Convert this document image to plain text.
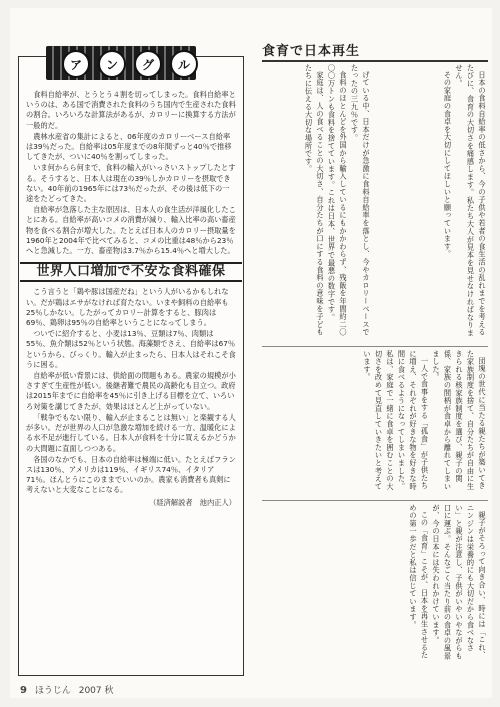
ア	ン	グ	ル

食料自給率が、とうとう４割を切ってしまった。食料自給率というのは、ある国で消費された食料のうち国内で生産された食料の割合。いろいろな計算法があるが、カロリーに換算する方法が一般的だ。

農林水産省の集計によると、06年度のカロリーベース自給率は39％だった。自給率は05年度までの8年間ずっと40％で推移してきたが、ついに40％を割ってしまった。

いま何からら何まで、食料の輸入がいっさいストップしたとする。そうすると、日本人は現在の39％しかカロリーを摂取できない。40年前の1965年には73％だったが、その後は低下の一途をたどってきた。

自給率が急落した主な原因は、日本人の食生活が洋風化したことにある。自給率が高いコメの消費が減り、輸入比率の高い畜産物を食べる割合が増大した。たとえば日本人のカロリー摂取量を1960年と2004年で比べてみると、コメの比重は48％から23％へと急減した。一方、畜産物は3.7％から15.4％へと増大した。

世界人口増加で不安な食料確保

こう言うと「鶏や豚は国産だね」という人がいるかもしれない。だが鶏はエサがなければ育たない。いまや飼料の自給率も25％しかない。したがってカロリー計算をすると、豚肉は69％、鶏卵は95％の自給率ということになってしまう。

ついでに紹介すると、小麦は13％、豆類は7％、肉類は55％、魚介類は52％という状態。海藻類でさえ、自給率は67％というから、びっくり。輸入が止まったら、日本人はそれこそ食うに困る。

自給率が低い背景には、供給面の問題もある。農家の規模が小さすぎて生産性が低い。後継者難で農民の高齢化も目立つ。政府は2015年までに自給率を45％に引き上げる目標を立て、いろいろ対策を講じてきたが、効果はほとんど上がっていない。

「戦争でもない限り、輸入が止まることは無い」と楽観する人が多い。だが世界の人口が急激な増加を続ける一方、温暖化による水不足が進行している。日本人が食料を十分に買えるかどうかの大問題に直面しつつある。

各国のなかでも、日本の自給率は極端に低い。たとえばフランスは130％、アメリカは119％、イギリス74％、イタリア71％。ほんとうにこのままでいいのか。農家も消費者も真剣に考えないと大変なことになる。

（経済解説者　池内正人）

食育で日本再生

げている中、日本だけが急激に食料自給率を落とし、今やカロリーベースでたったの三九％です。

食料のほとんどを外国から輸入しているにもかかわらず、残飯を年間約二〇〇〇万トンも食料を捨てています。これは日本、世界で最悪の数字です。

家庭は、人の食べることの大切さ、自分たちが口にする食料の意味を子どもたちに伝える大切な場所です。	日本の食料自給率の低さから、今の子供や若者の食生活の乱れまでを考えるたびに、食育の大切さを痛感します。私たち大人が見本を見せなければなりません。

その家庭の食卓を大切にしてほしいと願っています。

団塊の世代に当たる親たちが築いてきた家族制度を捨て、自分たちが自由に生きられる核家族制度を選び、親子の関係、家族の間柄が食卓から離れてしまいました。

一人で食事をする「孤食」が子供たちに増え、それぞれが好きな物を好きな時間に食べるようになってしまいました。私は、家庭で一緒に食卓を囲むことの大切さを改めて見直していきたいと考えています。

親子がそろって向き合い、時には「これ、ニンジンは栄養的にも大切だから食べなさい」と親が注意し、子供がいやいやながらも口に運ぶ。そんなごく当たり前の食卓の風景が、今の日本には失われかけています。

この「食育」こそが、日本を再生させるための第一歩だと私は信じています。

9 ほうじん 2007 秋
